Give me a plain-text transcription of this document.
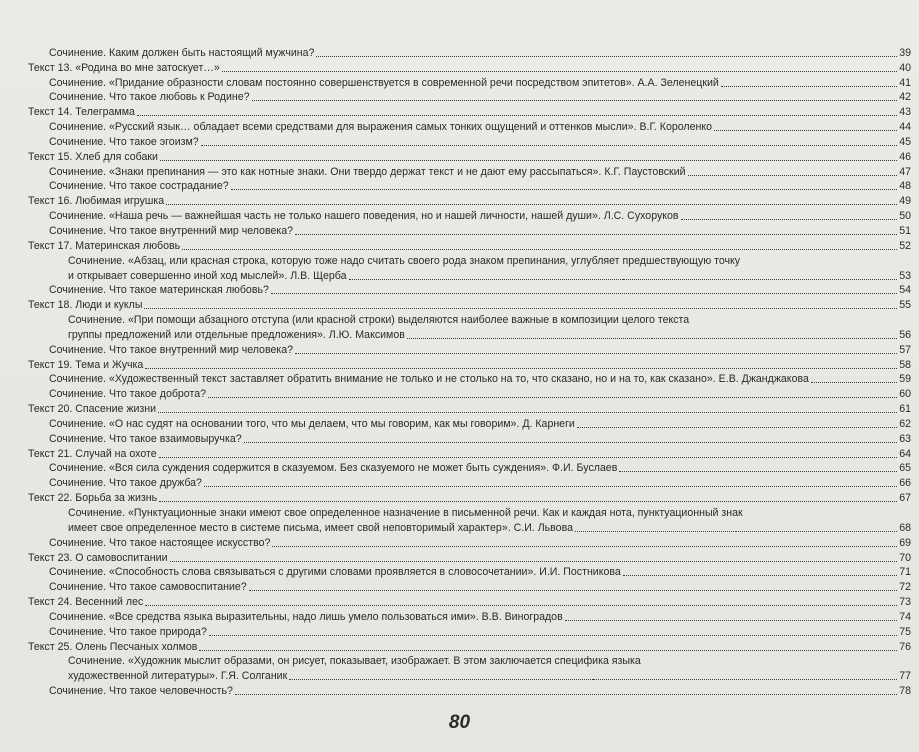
Сочинение. Каким должен быть настоящий мужчина?	39
Текст 13. «Родина во мне затоскует…»	40
Сочинение. «Придание образности словам постоянно совершенствуется в современной речи посредством эпитетов». А.А. Зеленецкий	41
Сочинение. Что такое любовь к Родине?	42
Текст 14. Телеграмма	43
Сочинение. «Русский язык… обладает всеми средствами для выражения самых тонких ощущений и оттенков мысли». В.Г. Короленко	44
Сочинение. Что такое эгоизм?	45
Текст 15. Хлеб для собаки	46
Сочинение. «Знаки препинания — это как нотные знаки. Они твердо держат текст и не дают ему рассыпаться». К.Г. Паустовский	47
Сочинение. Что такое сострадание?	48
Текст 16. Любимая игрушка	49
Сочинение. «Наша речь — важнейшая часть не только нашего поведения, но и нашей личности, нашей души». Л.С. Сухоруков	50
Сочинение. Что такое внутренний мир человека?	51
Текст 17. Материнская любовь	52
Сочинение. «Абзац, или красная строка, которую тоже надо считать своего рода знаком препинания, углубляет предшествующую точку
и открывает совершенно иной ход мыслей». Л.В. Щерба	53
Сочинение. Что такое материнская любовь?	54
Текст 18. Люди и куклы	55
Сочинение. «При помощи абзацного отступа (или красной строки) выделяются наиболее важные в композиции целого текста
группы предложений или отдельные предложения». Л.Ю. Максимов	56
Сочинение. Что такое внутренний мир человека?	57
Текст 19. Тема и Жучка	58
Сочинение. «Художественный текст заставляет обратить внимание не только и не столько на то, что сказано, но и на то, как сказано». Е.В. Джанджакова	59
Сочинение. Что такое доброта?	60
Текст 20. Спасение жизни	61
Сочинение. «О нас судят на основании того, что мы делаем, что мы говорим, как мы говорим». Д. Карнеги	62
Сочинение. Что такое взаимовыручка?	63
Текст 21. Случай на охоте	64
Сочинение. «Вся сила суждения содержится в сказуемом. Без сказуемого не может быть суждения». Ф.И. Буслаев	65
Сочинение. Что такое дружба?	66
Текст 22. Борьба за жизнь	67
Сочинение. «Пунктуационные знаки имеют свое определенное назначение в письменной речи. Как и каждая нота, пунктуационный знак
имеет свое определенное место в системе письма, имеет свой неповторимый характер». С.И. Львова	68
Сочинение. Что такое настоящее искусство?	69
Текст 23. О самовоспитании	70
Сочинение. «Способность слова связываться с другими словами проявляется в словосочетании». И.И. Постникова	71
Сочинение. Что такое самовоспитание?	72
Текст 24. Весенний лес	73
Сочинение. «Все средства языка выразительны, надо лишь умело пользоваться ими». В.В. Виноградов	74
Сочинение. Что такое природа?	75
Текст 25. Олень Песчаных холмов	76
Сочинение. «Художник мыслит образами, он рисует, показывает, изображает. В этом заключается специфика языка
художественной литературы». Г.Я. Солганик	77
Сочинение. Что такое человечность?	78
80
